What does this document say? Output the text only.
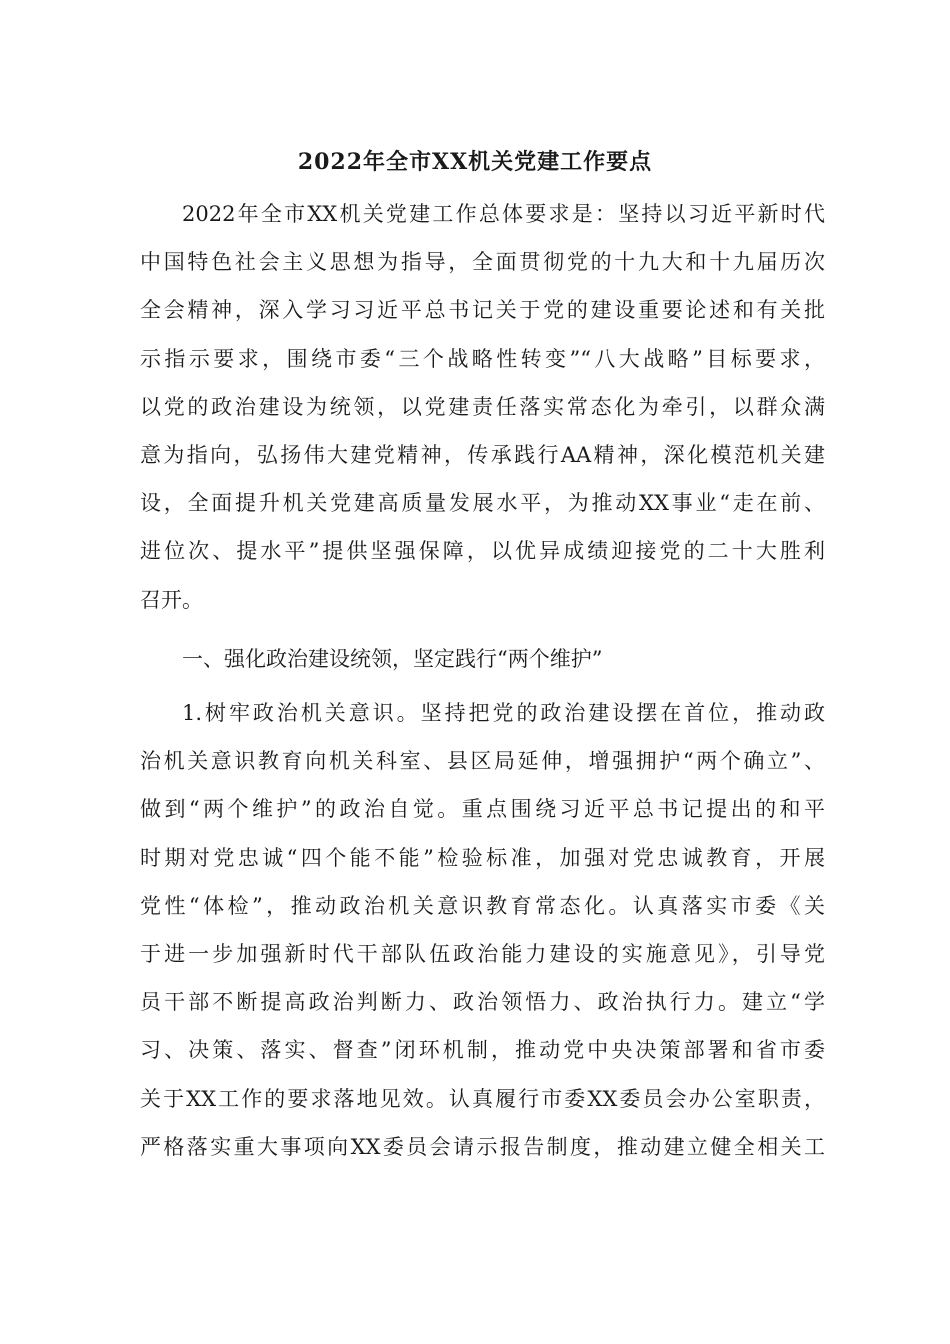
2022年全市XX机关党建工作要点
2022年全市XX机关党建工作总体要求是：坚持以习近平新时代
中国特色社会主义思想为指导，全面贯彻党的十九大和十九届历次
全会精神，深入学习习近平总书记关于党的建设重要论述和有关批
示指示要求，围绕市委“三个战略性转变”“八大战略”目标要求，
以党的政治建设为统领，以党建责任落实常态化为牵引，以群众满
意为指向，弘扬伟大建党精神，传承践行AA精神，深化模范机关建
设，全面提升机关党建高质量发展水平，为推动XX事业“走在前、
进位次、提水平”提供坚强保障，以优异成绩迎接党的二十大胜利
召开。
一、强化政治建设统领，坚定践行“两个维护”
1.树牢政治机关意识。坚持把党的政治建设摆在首位，推动政
治机关意识教育向机关科室、县区局延伸，增强拥护“两个确立”、
做到“两个维护”的政治自觉。重点围绕习近平总书记提出的和平
时期对党忠诚“四个能不能”检验标准，加强对党忠诚教育，开展
党性“体检”，推动政治机关意识教育常态化。认真落实市委《关
于进一步加强新时代干部队伍政治能力建设的实施意见》，引导党
员干部不断提高政治判断力、政治领悟力、政治执行力。建立“学
习、决策、落实、督查”闭环机制，推动党中央决策部署和省市委
关于XX工作的要求落地见效。认真履行市委XX委员会办公室职责，
严格落实重大事项向XX委员会请示报告制度，推动建立健全相关工
